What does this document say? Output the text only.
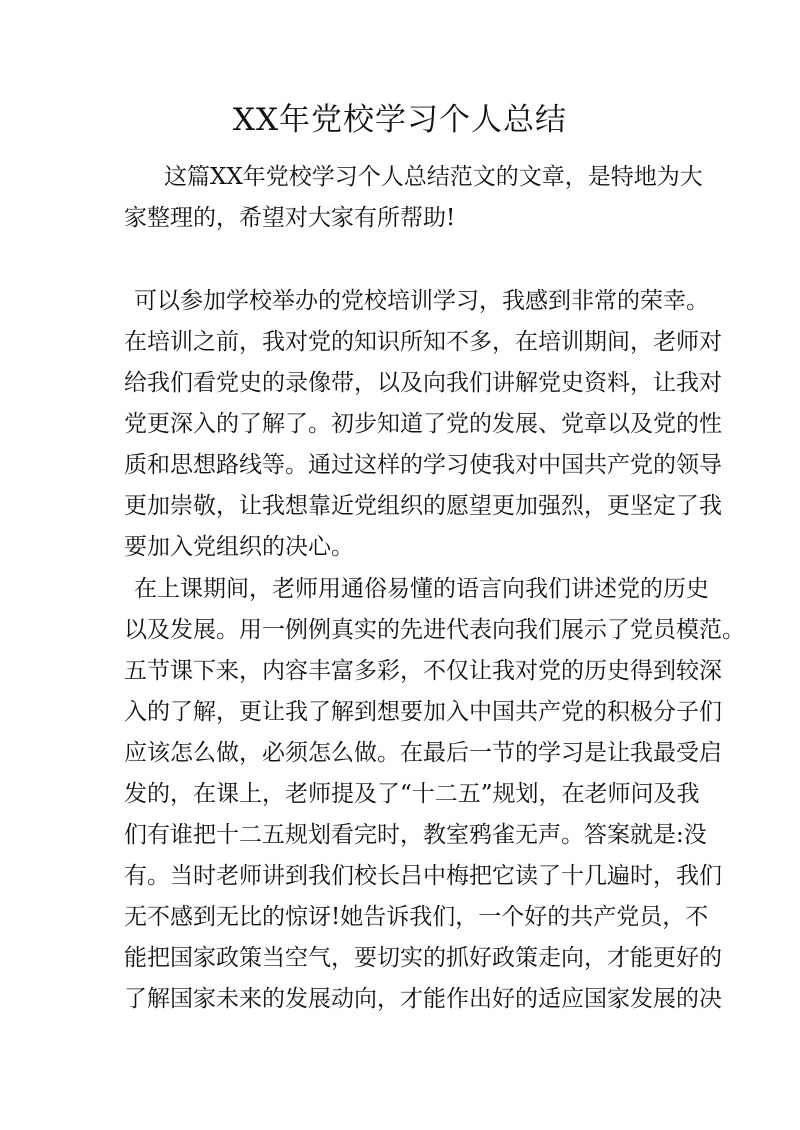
XX年党校学习个人总结
这篇XX年党校学习个人总结范文的文章，是特地为大
家整理的，希望对大家有所帮助!
可以参加学校举办的党校培训学习，我感到非常的荣幸。
在培训之前，我对党的知识所知不多，在培训期间，老师对
给我们看党史的录像带，以及向我们讲解党史资料，让我对
党更深入的了解了。初步知道了党的发展、党章以及党的性
质和思想路线等。通过这样的学习使我对中国共产党的领导
更加崇敬，让我想靠近党组织的愿望更加强烈，更坚定了我
要加入党组织的决心。
在上课期间，老师用通俗易懂的语言向我们讲述党的历史
以及发展。用一例例真实的先进代表向我们展示了党员模范。
五节课下来，内容丰富多彩，不仅让我对党的历史得到较深
入的了解，更让我了解到想要加入中国共产党的积极分子们
应该怎么做，必须怎么做。在最后一节的学习是让我最受启
发的，在课上，老师提及了“十二五”规划，在老师问及我
们有谁把十二五规划看完时，教室鸦雀无声。答案就是:没
有。当时老师讲到我们校长吕中梅把它读了十几遍时，我们
无不感到无比的惊讶!她告诉我们，一个好的共产党员，不
能把国家政策当空气，要切实的抓好政策走向，才能更好的
了解国家未来的发展动向，才能作出好的适应国家发展的决
